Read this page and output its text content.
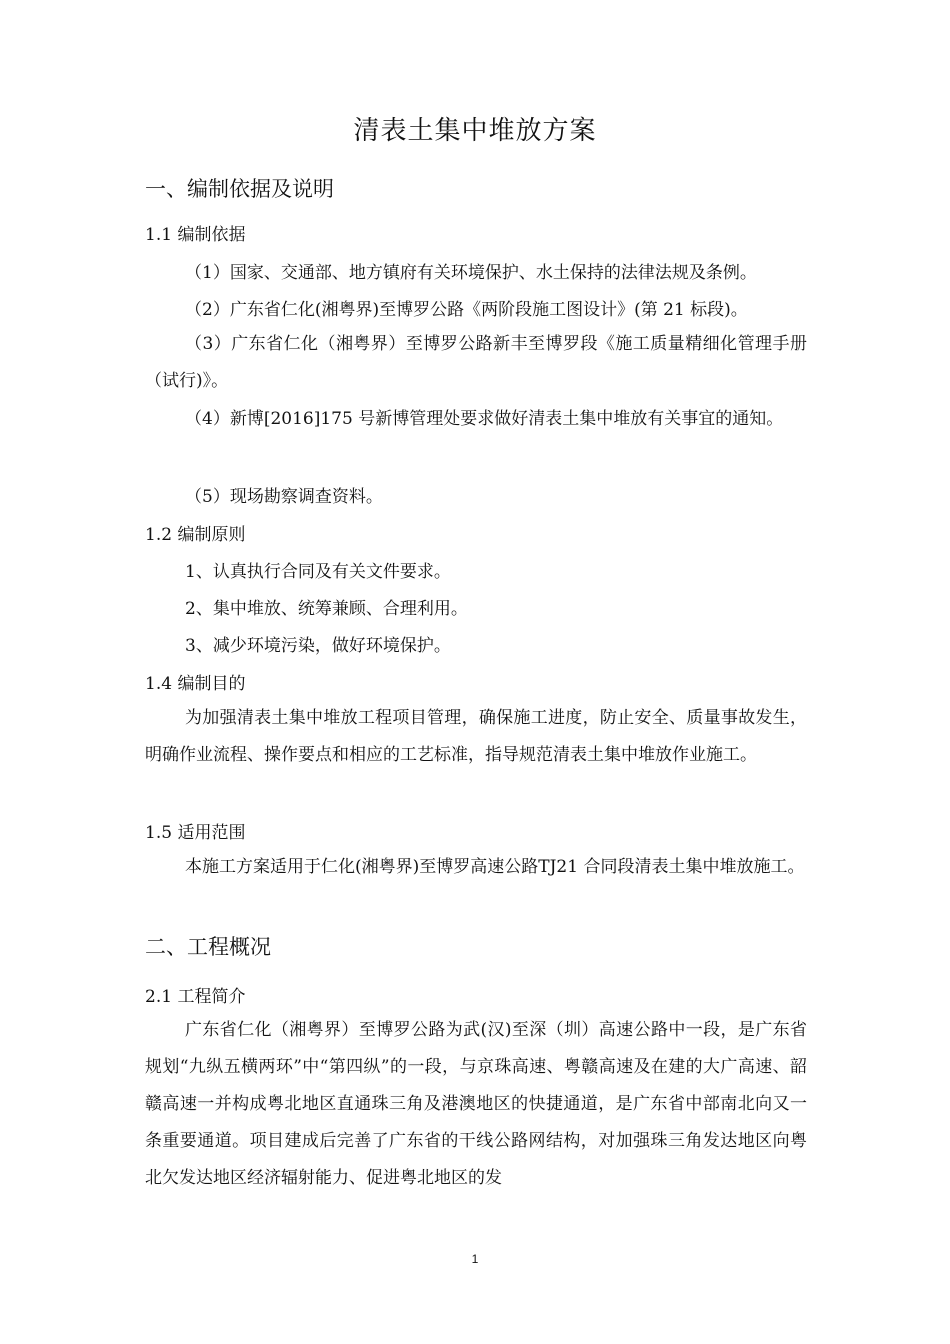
清表土集中堆放方案
一、编制依据及说明
1.1 编制依据
（1）国家、交通部、地方镇府有关环境保护、水土保持的法律法规及条例。
（2）广东省仁化(湘粤界)至博罗公路《两阶段施工图设计》(第 21 标段)。
（3）广东省仁化（湘粤界）至博罗公路新丰至博罗段《施工质量精细化管理手册（试行)》。
（4）新博[2016]175 号新博管理处要求做好清表土集中堆放有关事宜的通知。
（5）现场勘察调查资料。
1.2 编制原则
1、认真执行合同及有关文件要求。
2、集中堆放、统筹兼顾、合理利用。
3、减少环境污染，做好环境保护。
1.4 编制目的
为加强清表土集中堆放工程项目管理，确保施工进度，防止安全、质量事故发生，明确作业流程、操作要点和相应的工艺标准，指导规范清表土集中堆放作业施工。
1.5 适用范围
本施工方案适用于仁化(湘粤界)至博罗高速公路TJ21 合同段清表土集中堆放施工。
二、工程概况
2.1 工程简介
广东省仁化（湘粤界）至博罗公路为武(汉)至深（圳）高速公路中一段，是广东省规划“九纵五横两环”中“第四纵”的一段，与京珠高速、粤赣高速及在建的大广高速、韶赣高速一并构成粤北地区直通珠三角及港澳地区的快捷通道，是广东省中部南北向又一条重要通道。项目建成后完善了广东省的干线公路网结构，对加强珠三角发达地区向粤北欠发达地区经济辐射能力、促进粤北地区的发
1
